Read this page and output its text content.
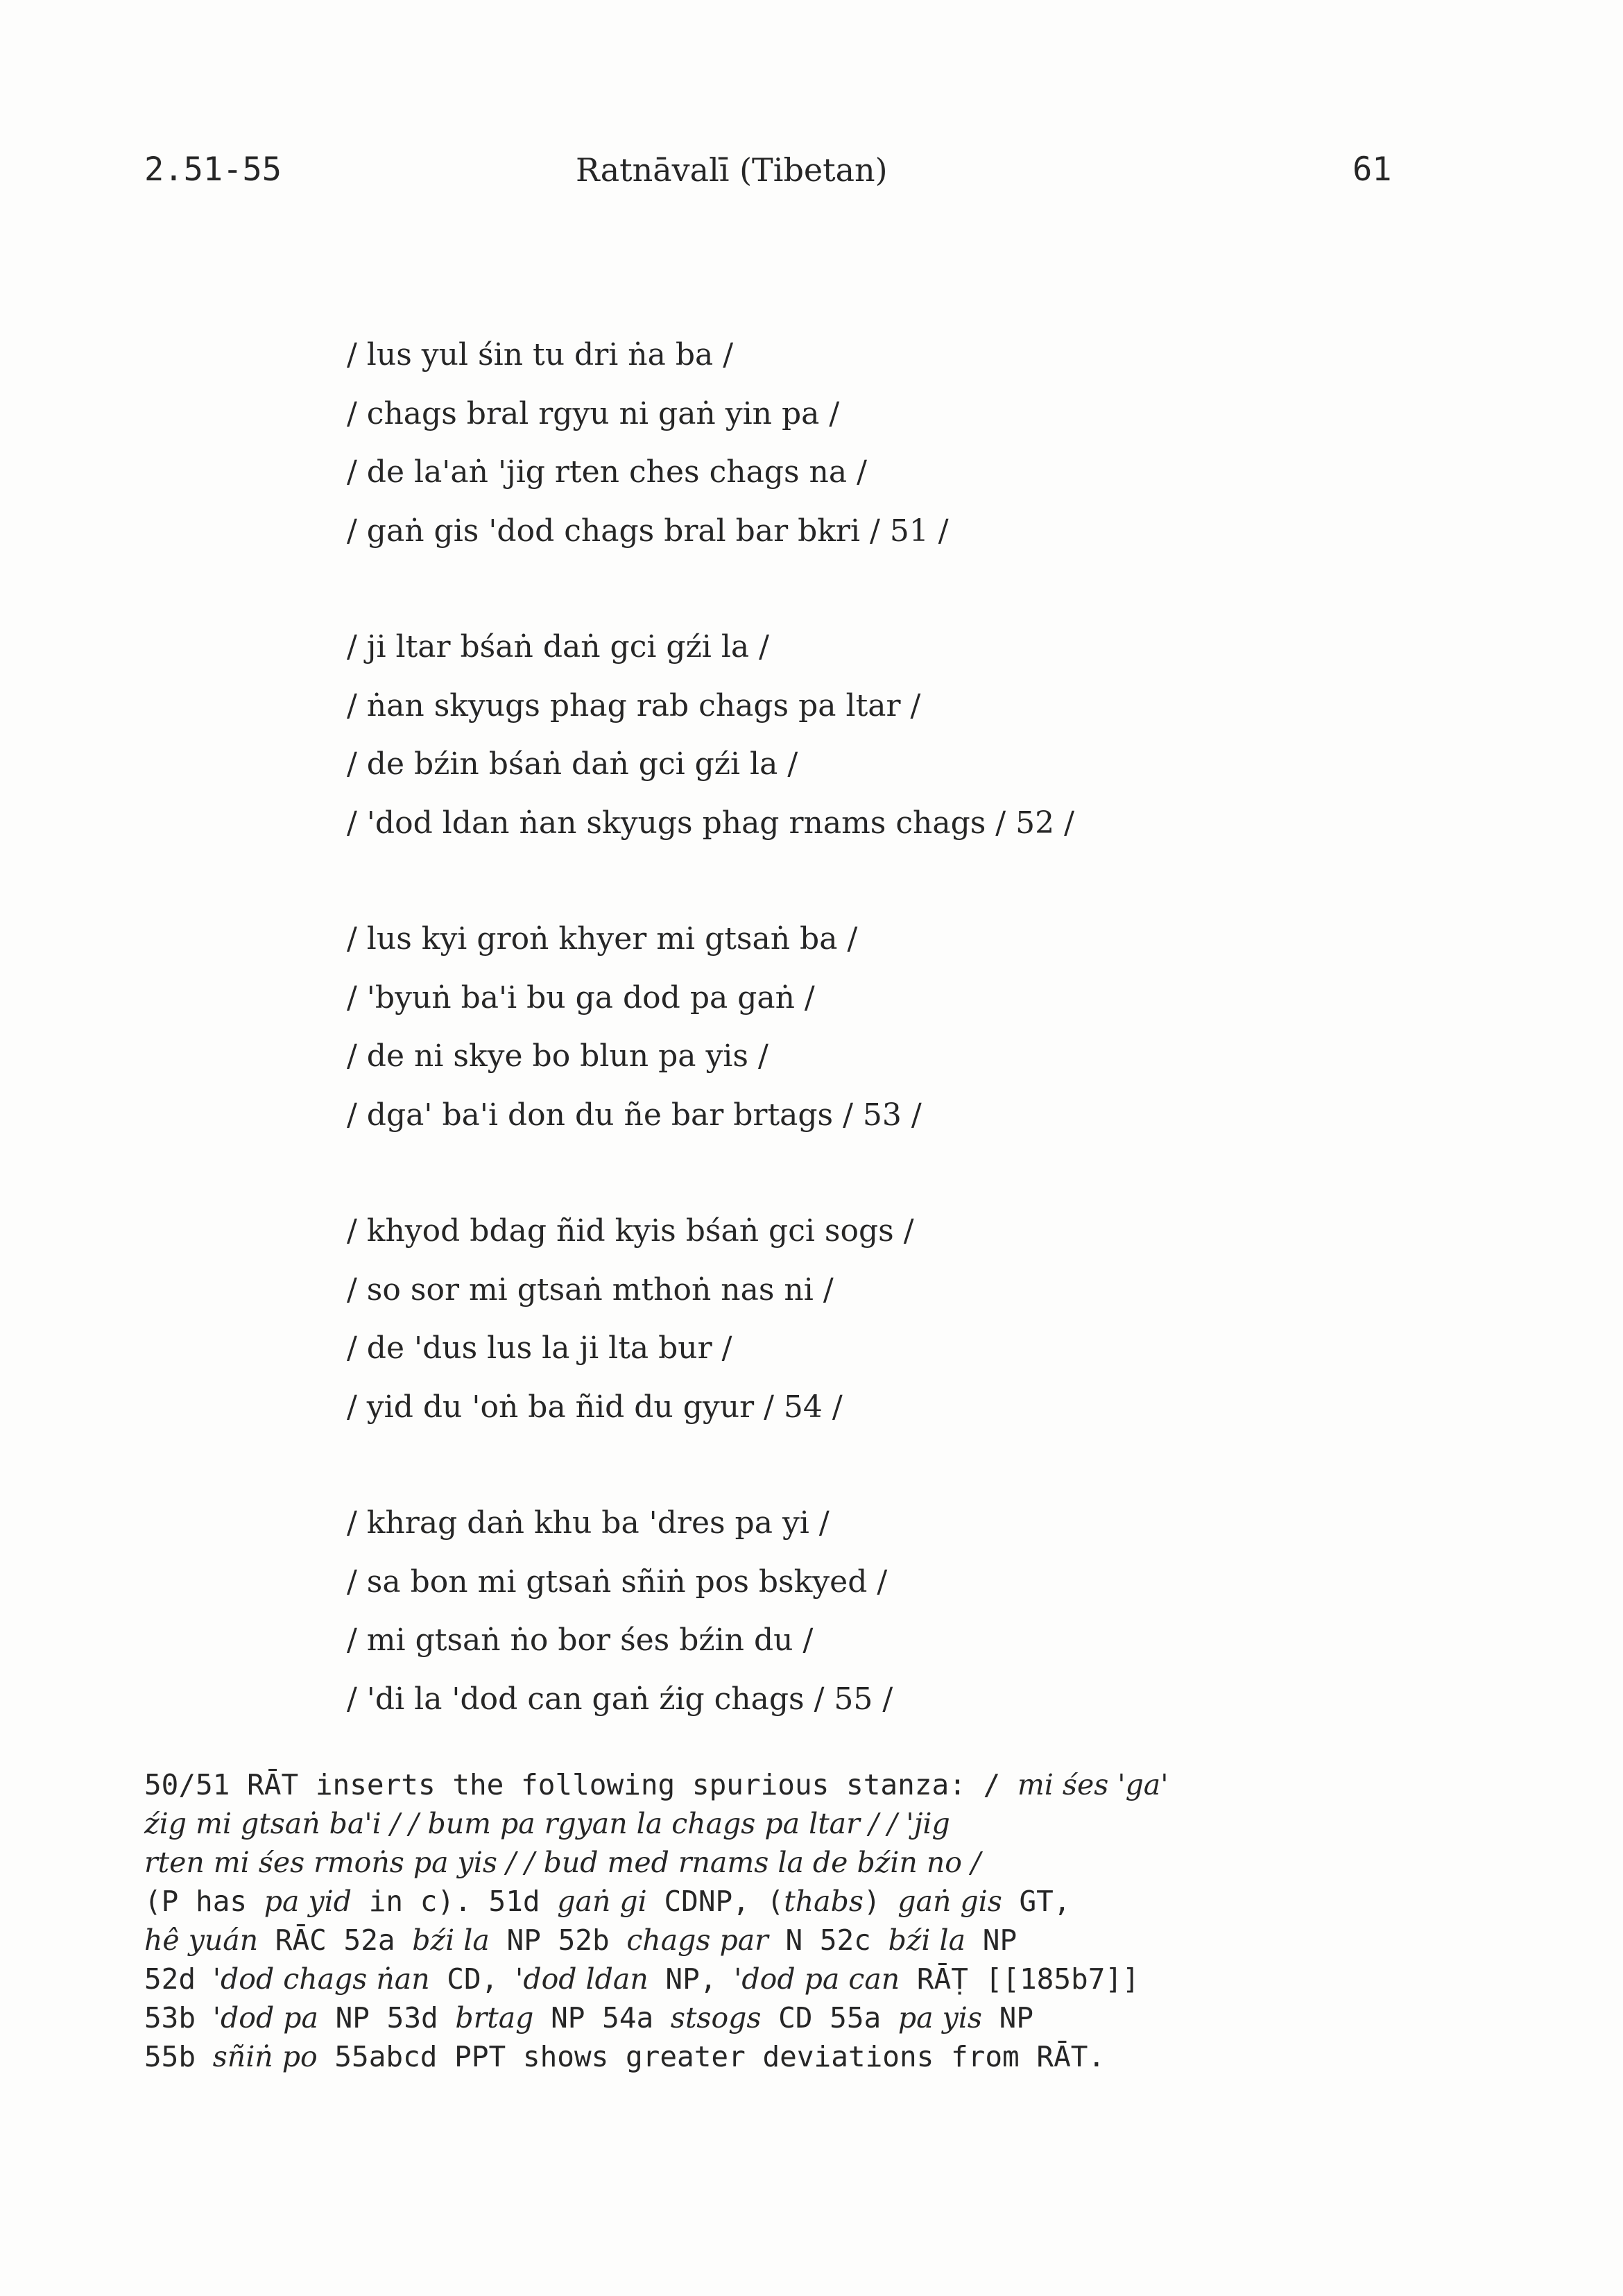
2.51-55	Ratnāvalī (Tibetan)	61
/ lus yul śin tu dri ṅa ba /
/ chags bral rgyu ni gaṅ yin pa /
/ de la'aṅ 'jig rten ches chags na /
/ gaṅ gis 'dod chags bral bar bkri / 51 /
/ ji ltar bśaṅ daṅ gci gźi la /
/ ṅan skyugs phag rab chags pa ltar /
/ de bźin bśaṅ daṅ gci gźi la /
/ 'dod ldan ṅan skyugs phag rnams chags / 52 /
/ lus kyi groṅ khyer mi gtsaṅ ba /
/ 'byuṅ ba'i bu ga dod pa gaṅ /
/ de ni skye bo blun pa yis /
/ dga' ba'i don du ñe bar brtags / 53 /
/ khyod bdag ñid kyis bśaṅ gci sogs /
/ so sor mi gtsaṅ mthoṅ nas ni /
/ de 'dus lus la ji lta bur /
/ yid du 'oṅ ba ñid du gyur / 54 /
/ khrag daṅ khu ba 'dres pa yi /
/ sa bon mi gtsaṅ sñiṅ pos bskyed /
/ mi gtsaṅ ṅo bor śes bźin du /
/ 'di la 'dod can gaṅ źig chags / 55 /
50/51 RĀT inserts the following spurious stanza: / mi śes 'ga'
źig mi gtsaṅ ba'i / / bum pa rgyan la chags pa ltar / / 'jig
rten mi śes rmoṅs pa yis / / bud med rnams la de bźin no /
(P has pa yid in c). 51d gaṅ gi CDNP, (thabs) gaṅ gis GT,
hê yuán RĀC 52a bźi la NP 52b chags par N 52c bźi la NP
52d 'dod chags ṅan CD, 'dod ldan NP, 'dod pa can RĀṬ [[185b7]]
53b 'dod pa NP 53d brtag NP 54a stsogs CD 55a pa yis NP
55b sñiṅ po 55abcd PPT shows greater deviations from RĀT.
